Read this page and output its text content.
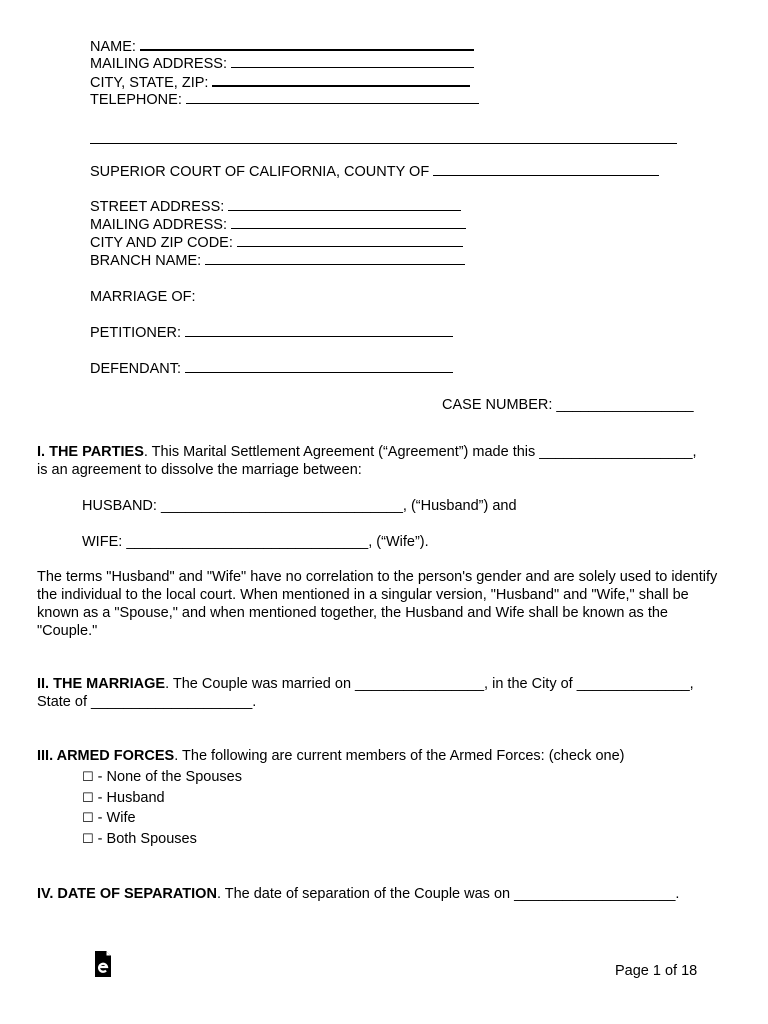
NAME:
MAILING ADDRESS:
CITY, STATE, ZIP:
TELEPHONE:
SUPERIOR COURT OF CALIFORNIA, COUNTY OF
STREET ADDRESS:
MAILING ADDRESS:
CITY AND ZIP CODE:
BRANCH NAME:
MARRIAGE OF:
PETITIONER:
DEFENDANT:
CASE NUMBER: _________________
I. THE PARTIES. This Marital Settlement Agreement (“Agreement”) made this ___________________,
is an agreement to dissolve the marriage between:
HUSBAND: ______________________________, (“Husband”) and
WIFE: ______________________________, (“Wife”).
The terms "Husband" and "Wife" have no correlation to the person's gender and are solely used to identify the individual to the local court. When mentioned in a singular version, "Husband" and "Wife," shall be known as a "Spouse," and when mentioned together, the Husband and Wife shall be known as the "Couple."
II. THE MARRIAGE. The Couple was married on ________________, in the City of ______________,
State of ____________________.
III. ARMED FORCES. The following are current members of the Armed Forces: (check one)
☐ - None of the Spouses
☐ - Husband
☐ - Wife
☐ - Both Spouses
IV. DATE OF SEPARATION. The date of separation of the Couple was on ____________________.
Page 1 of 18
